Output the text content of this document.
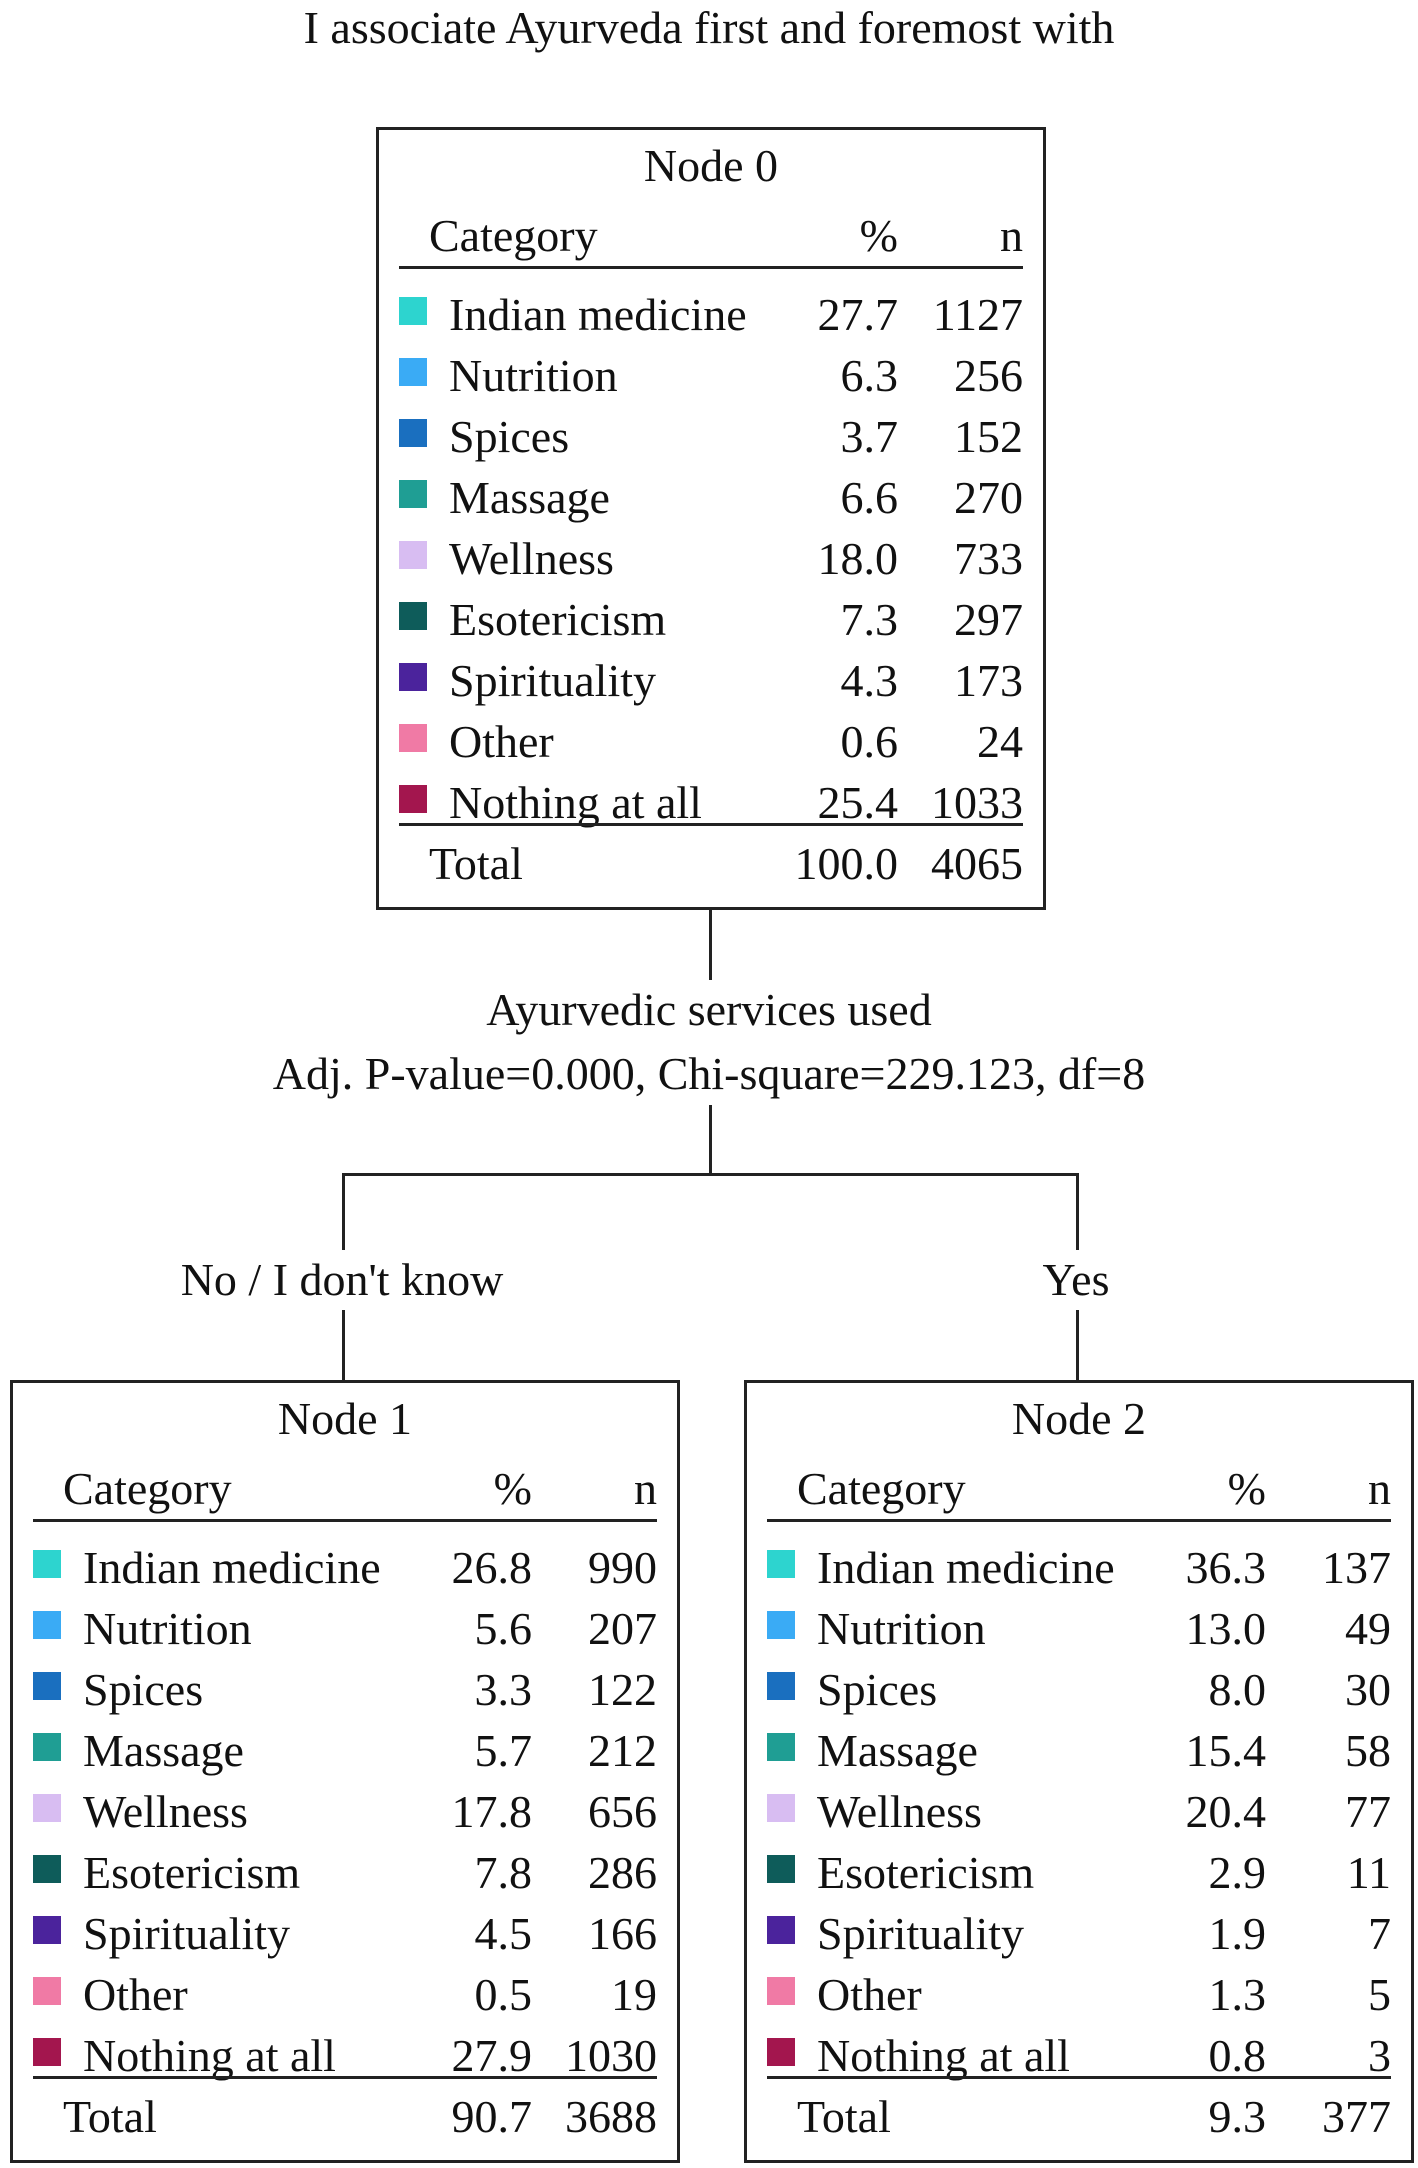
I associate Ayurveda first and foremost with
Ayurvedic services used
Adj. P-value=0.000, Chi-square=229.123, df=8
No / I don't know	Yes
Node 0
Category	% n
Indian medicine 27.7 1127
Nutrition	6.3 256
Spices	3.7 152
Massage	6.6 270
Wellness	18.0 733
Esotericism	7.3 297
Spirituality	4.3 173
Other	0.6 24
Nothing at all	25.4 1033
Total	100.0 4065
Node 1
Category	% n
Indian medicine 26.8 990
Nutrition	5.6 207
Spices	3.3 122
Massage	5.7 212
Wellness	17.8 656
Esotericism	7.8 286
Spirituality	4.5 166
Other	0.5 19
Nothing at all	27.9 1030
Total	90.7 3688
Node 2
Category	% n
Indian medicine 36.3 137
Nutrition	13.0 49
Spices	8.0 30
Massage	15.4 58
Wellness	20.4 77
Esotericism	2.9 11
Spirituality	1.9 7
Other	1.3 5
Nothing at all	0.8 3
Total	9.3 377
